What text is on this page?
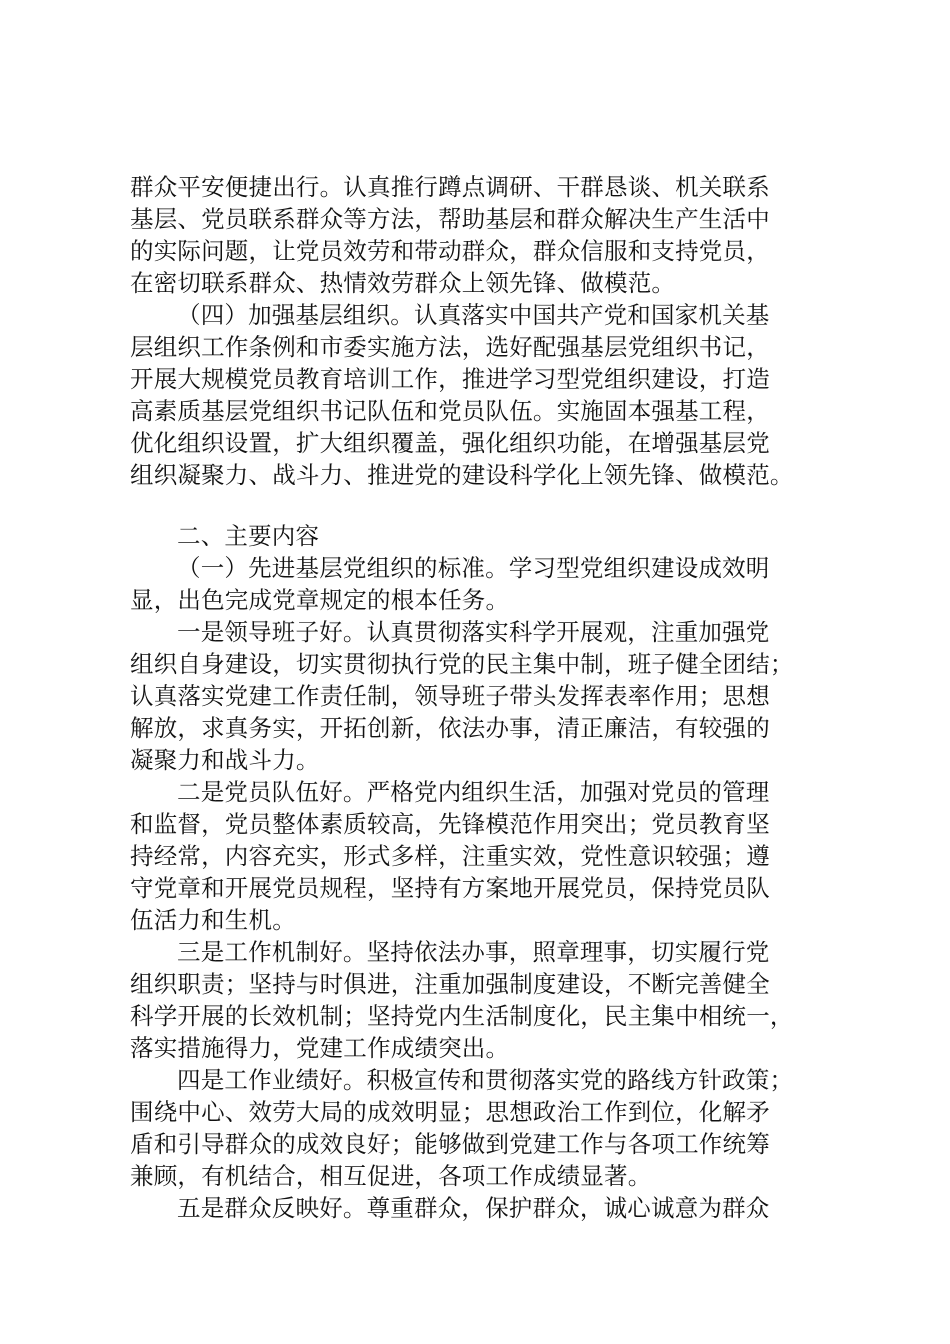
群众平安便捷出行。认真推行蹲点调研、干群恳谈、机关联系
基层、党员联系群众等方法，帮助基层和群众解决生产生活中
的实际问题，让党员效劳和带动群众，群众信服和支持党员，
在密切联系群众、热情效劳群众上领先锋、做模范。
（四）加强基层组织。认真落实中国共产党和国家机关基
层组织工作条例和市委实施方法，选好配强基层党组织书记，
开展大规模党员教育培训工作，推进学习型党组织建设，打造
高素质基层党组织书记队伍和党员队伍。实施固本强基工程，
优化组织设置，扩大组织覆盖，强化组织功能，在增强基层党
组织凝聚力、战斗力、推进党的建设科学化上领先锋、做模范。
二、主要内容
（一）先进基层党组织的标准。学习型党组织建设成效明
显，出色完成党章规定的根本任务。
一是领导班子好。认真贯彻落实科学开展观，注重加强党
组织自身建设，切实贯彻执行党的民主集中制，班子健全团结；
认真落实党建工作责任制，领导班子带头发挥表率作用；思想
解放，求真务实，开拓创新，依法办事，清正廉洁，有较强的
凝聚力和战斗力。
二是党员队伍好。严格党内组织生活，加强对党员的管理
和监督，党员整体素质较高，先锋模范作用突出；党员教育坚
持经常，内容充实，形式多样，注重实效，党性意识较强；遵
守党章和开展党员规程，坚持有方案地开展党员，保持党员队
伍活力和生机。
三是工作机制好。坚持依法办事，照章理事，切实履行党
组织职责；坚持与时俱进，注重加强制度建设，不断完善健全
科学开展的长效机制；坚持党内生活制度化，民主集中相统一，
落实措施得力，党建工作成绩突出。
四是工作业绩好。积极宣传和贯彻落实党的路线方针政策；
围绕中心、效劳大局的成效明显；思想政治工作到位，化解矛
盾和引导群众的成效良好；能够做到党建工作与各项工作统筹
兼顾，有机结合，相互促进，各项工作成绩显著。
五是群众反映好。尊重群众，保护群众，诚心诚意为群众
